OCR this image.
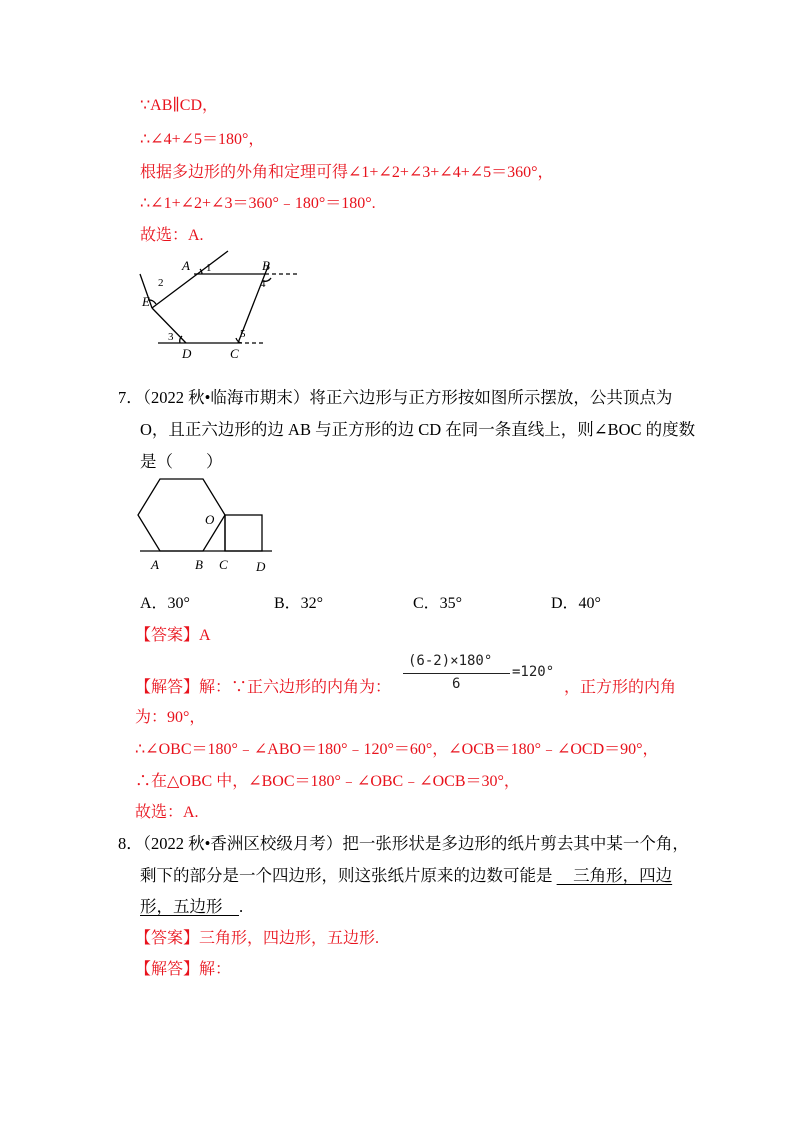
∵AB∥CD，
∴∠4+∠5＝180°，
根据多边形的外角和定理可得∠1+∠2+∠3+∠4+∠5＝360°，
∴∠1+∠2+∠3＝360°﹣180°＝180°.
故选：A.
A 1	B
4
2
E
3	5
D	C
7．（2022 秋•临海市期末）将正六边形与正方形按如图所示摆放，公共顶点为
O，且正六边形的边 AB 与正方形的边 CD 在同一条直线上，则∠BOC 的度数
是（　　）
O
A	B C D
A．30°	B．32°	C．35°	D．40°
【答案】A
【解答】解：∵正六边形的内角为：
(6-2)×180°
6
=120°
，正方形的内角
为：90°，
∴∠OBC＝180°﹣∠ABO＝180°﹣120°＝60°，∠OCB＝180°﹣∠OCD＝90°，
∴在△OBC 中，∠BOC＝180°﹣∠OBC﹣∠OCB＝30°，
故选：A.
8．（2022 秋•香洲区校级月考）把一张形状是多边形的纸片剪去其中某一个角，
剩下的部分是一个四边形，则这张纸片原来的边数可能是 　三角形，四边
形，五边形　.
【答案】三角形，四边形，五边形.
【解答】解：
